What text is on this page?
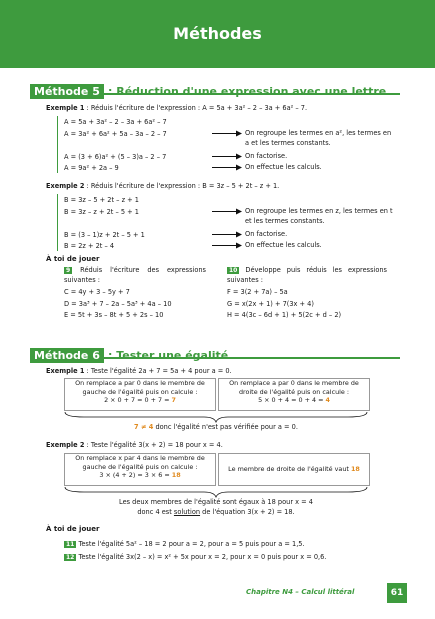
Méthodes
Méthode 5 : Réduction d'une expression avec une lettre
Exemple 1 : Réduis l'écriture de l'expression : A = 5a + 3a² – 2 – 3a + 6a² – 7.
A = 5a + 3a² – 2 – 3a + 6a² – 7
A = 3a² + 6a² + 5a – 3a – 2 – 7
A = (3 + 6)a² + (5 – 3)a – 2 – 7
A = 9a² + 2a – 9
On regroupe les termes en a², les termes en a et les termes constants.
On factorise.
On effectue les calculs.
Exemple 2 : Réduis l'écriture de l'expression : B = 3z – 5 + 2t – z + 1.
B = 3z – 5 + 2t – z + 1
B = 3z – z + 2t – 5 + 1
B = (3 – 1)z + 2t – 5 + 1
B = 2z + 2t – 4
On regroupe les termes en z, les termes en t et les termes constants.
On factorise.
On effectue les calculs.
À toi de jouer
9 Réduis l'écriture des expressions suivantes :
C = 4y + 3 – 5y + 7
D = 3a³ + 7 – 2a – 5a³ + 4a – 10
E = 5t + 3s – 8t + 5 + 2s – 10
10 Développe puis réduis les expressions suivantes :
F = 3(2 + 7a) – 5a
G = x(2x + 1) + 7(3x + 4)
H = 4(3c – 6d + 1) + 5(2c + d – 2)
Méthode 6 : Tester une égalité
Exemple 1 : Teste l'égalité 2a + 7 = 5a + 4 pour a = 0.
On remplace a par 0 dans le membre de
gauche de l'égalité puis on calcule :
2 × 0 + 7 = 0 + 7 = 7
On remplace a par 0 dans le membre de
droite de l'égalité puis on calcule :
5 × 0 + 4 = 0 + 4 = 4
7 ≠ 4 donc l'égalité n'est pas vérifiée pour a = 0.
Exemple 2 : Teste l'égalité 3(x + 2) = 18 pour x = 4.
On remplace x par 4 dans le membre de
gauche de l'égalité puis on calcule :
3 × (4 + 2) = 3 × 6 = 18
Le membre de droite de l'égalité vaut 18
Les deux membres de l'égalité sont égaux à 18 pour x = 4
donc 4 est solution de l'équation 3(x + 2) = 18.
À toi de jouer
11 Teste l'égalité 5a² – 18 = 2 pour a = 2, pour a = 5 puis pour a = 1,5.
12 Teste l'égalité 3x(2 – x) = x² + 5x pour x = 2, pour x = 0 puis pour x = 0,6.
Chapitre N4 – Calcul littéral	61
